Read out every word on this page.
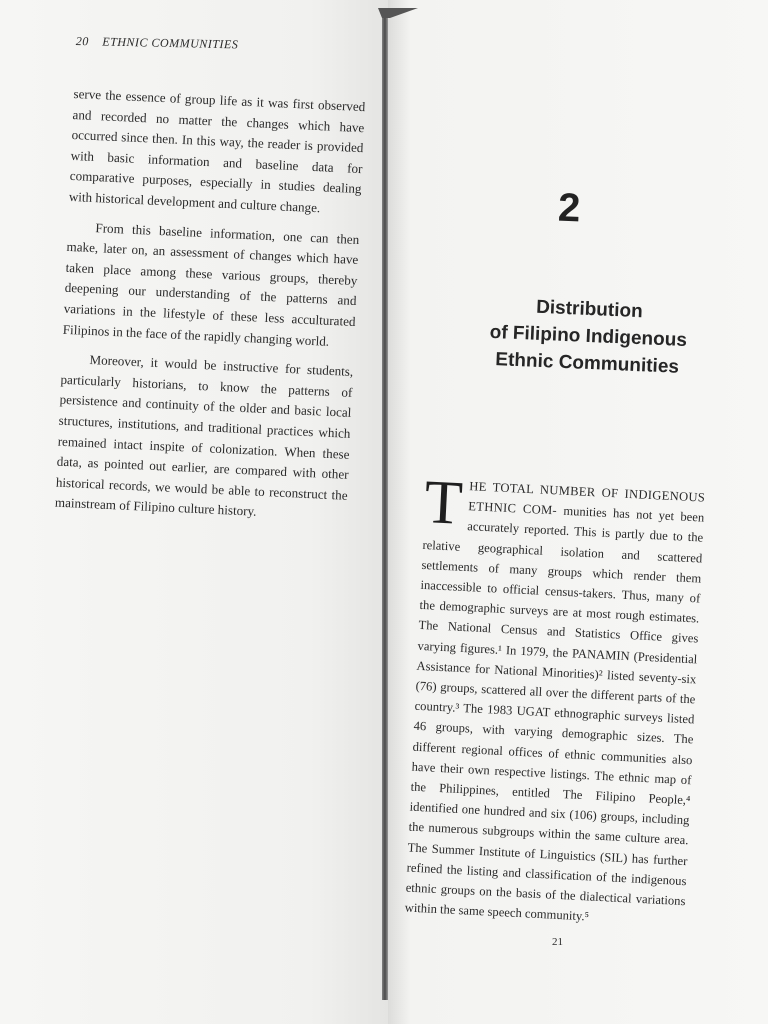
20 ETHNIC COMMUNITIES

serve the essence of group life as it was first observed and recorded no matter the changes which have occurred since then. In this way, the reader is provided with basic information and baseline data for comparative purposes, especially in studies dealing with historical development and culture change.

From this baseline information, one can then make, later on, an assessment of changes which have taken place among these various groups, thereby deepening our understanding of the patterns and variations in the lifestyle of these less acculturated Filipinos in the face of the rapidly changing world.

Moreover, it would be instructive for students, particularly historians, to know the patterns of persistence and continuity of the older and basic local structures, institutions, and traditional practices which remained intact inspite of colonization. When these data, as pointed out earlier, are compared with other historical records, we would be able to reconstruct the mainstream of Filipino culture history.

2
Distribution
of Filipino Indigenous
Ethnic Communities
T HE TOTAL NUMBER OF INDIGENOUS ETHNIC COM- munities has not yet been accurately reported. This is partly due to the relative geographical isolation and scattered settlements of many groups which render them inaccessible to official census-takers. Thus, many of the demographic surveys are at most rough estimates. The National Census and Statistics Office gives varying figures.¹ In 1979, the PANAMIN (Presidential Assistance for National Minorities)² listed seventy-six (76) groups, scattered all over the different parts of the country.³ The 1983 UGAT ethnographic surveys listed 46 groups, with varying demographic sizes. The different regional offices of ethnic communities also have their own respective listings. The ethnic map of the Philippines, entitled The Filipino People,⁴ identified one hundred and six (106) groups, including the numerous subgroups within the same culture area. The Summer Institute of Linguistics (SIL) has further refined the listing and classification of the indigenous ethnic groups on the basis of the dialectical variations within the same speech community.⁵
21
